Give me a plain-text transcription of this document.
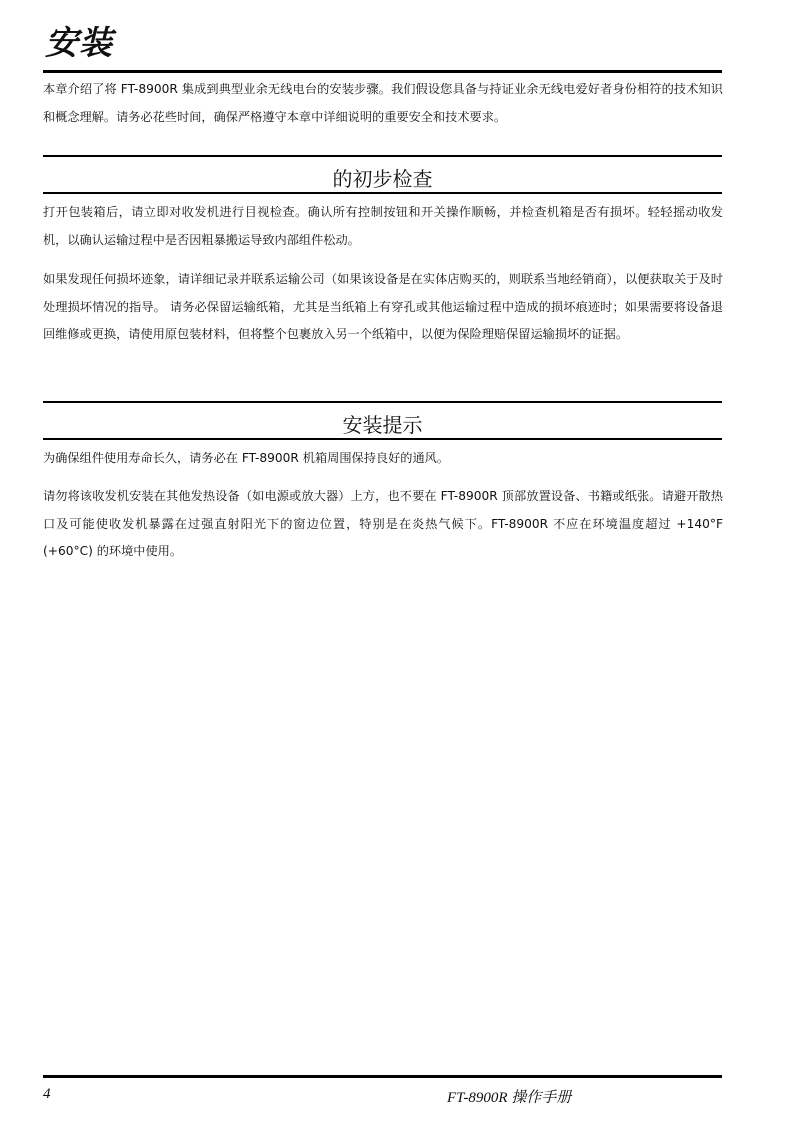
安装

本章介绍了将 FT-8900R 集成到典型业余无线电台的安装步骤。我们假设您具备与持证业余无线电爱好者身份相符的技术知识和概念理解。请务必花些时间，确保严格遵守本章中详细说明的重要安全和技术要求。

的初步检查

打开包装箱后，请立即对收发机进行目视检查。确认所有控制按钮和开关操作顺畅，并检查机箱是否有损坏。轻轻摇动收发机，以确认运输过程中是否因粗暴搬运导致内部组件松动。

如果发现任何损坏迹象，请详细记录并联系运输公司（如果该设备是在实体店购买的，则联系当地经销商），以便获取关于及时处理损坏情况的指导。 请务必保留运输纸箱，尤其是当纸箱上有穿孔或其他运输过程中造成的损坏痕迹时；如果需要将设备退回维修或更换，请使用原包装材料，但将整个包裹放入另一个纸箱中，以便为保险理赔保留运输损坏的证据。

安装提示

为确保组件使用寿命长久，请务必在 FT-8900R 机箱周围保持良好的通风。

请勿将该收发机安装在其他发热设备（如电源或放大器）上方，也不要在 FT-8900R 顶部放置设备、书籍或纸张。请避开散热口及可能使收发机暴露在过强直射阳光下的窗边位置，特别是在炎热气候下。FT-8900R 不应在环境温度超过 +140°F (+60°C) 的环境中使用。

4	FT-8900R 操作手册
